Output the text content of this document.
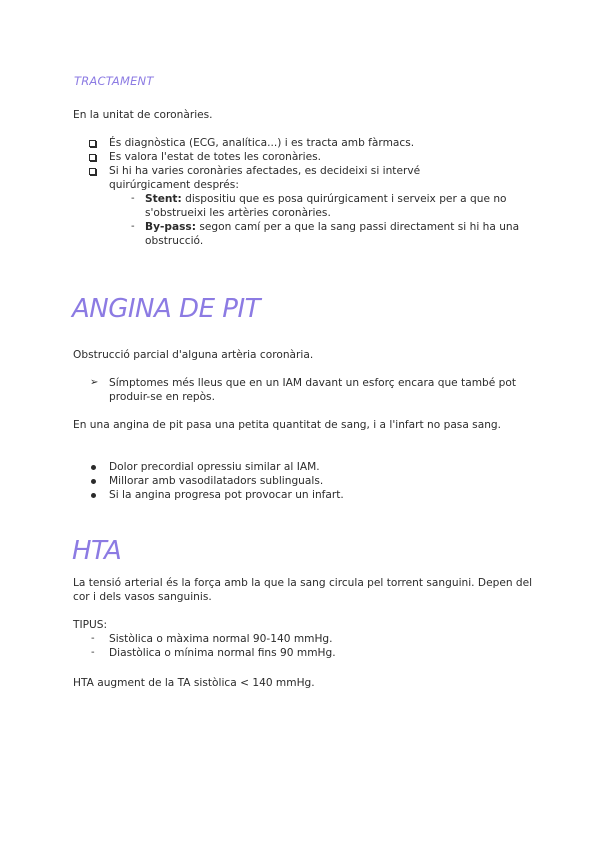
TRACTAMENT
En la unitat de coronàries.
És diagnòstica (ECG, analítica...) i es tracta amb fàrmacs.
Es valora l'estat de totes les coronàries.
Si hi ha varies coronàries afectades, es decideixi si intervé quirúrgicament després:
- Stent: dispositiu que es posa quirúrgicament i serveix per a que no s'obstrueixi les artèries coronàries.
- By-pass: segon camí per a que la sang passi directament si hi ha una obstrucció.
ANGINA DE PIT
Obstrucció parcial d'alguna artèria coronària.
➢ Símptomes més lleus que en un IAM davant un esforç encara que també pot produir-se en repòs.
En una angina de pit pasa una petita quantitat de sang, i a l'infart no pasa sang.
Dolor precordial opressiu similar al IAM.
Millorar amb vasodilatadors sublinguals.
Si la angina progresa pot provocar un infart.
HTA
La tensió arterial és la força amb la que la sang circula pel torrent sanguini. Depen del cor i dels vasos sanguinis.
TIPUS:
- Sistòlica o màxima normal 90-140 mmHg.
- Diastòlica o mínima normal fins 90 mmHg.
HTA augment de la TA sistòlica < 140 mmHg.
